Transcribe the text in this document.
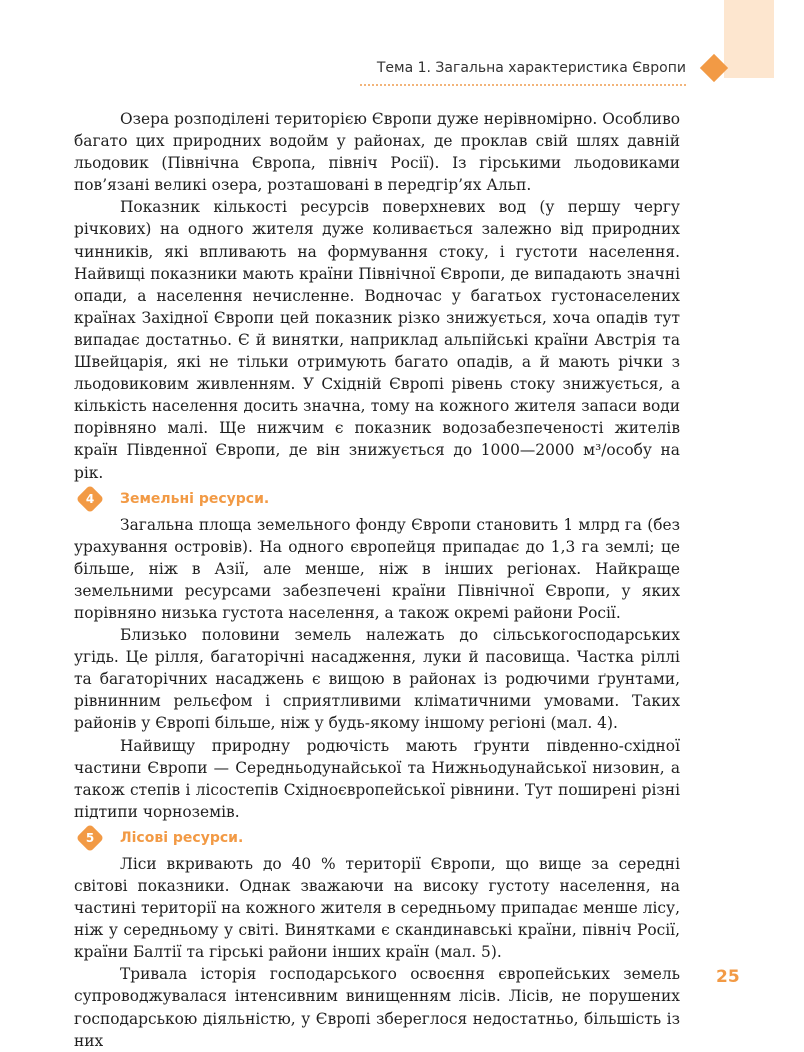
Тема 1. Загальна характеристика Європи

Озера розподілені територією Європи дуже нерівномірно. Особливо багато цих природних водойм у районах, де проклав свій шлях давній льодовик (Північна Європа, північ Росії). Із гірськими льодовиками пов’язані великі озера, розташовані в передгір’ях Альп.

Показник кількості ресурсів поверхневих вод (у першу чергу річкових) на одного жителя дуже коливається залежно від природних чинників, які впливають на формування стоку, і густоти населення. Найвищі показники мають країни Північної Європи, де випадають значні опади, а населення нечисленне. Водночас у багатьох густонаселених країнах Західної Європи цей показник різко знижується, хоча опадів тут випадає достатньо. Є й винятки, наприклад альпійські країни Австрія та Швейцарія, які не тільки отримують багато опадів, а й мають річки з льодовиковим живленням. У Східній Європі рівень стоку знижується, а кількість населення досить значна, тому на кожного жителя запаси води порівняно малі. Ще нижчим є показник водозабезпеченості жителів країн Південної Європи, де він знижується до 1000—2000 м³/особу на рік.

4 Земельні ресурси.

Загальна площа земельного фонду Європи становить 1 млрд га (без урахування островів). На одного європейця припадає до 1,3 га землі; це більше, ніж в Азії, але менше, ніж в інших регіонах. Найкраще земельними ресурсами забезпечені країни Північної Європи, у яких порівняно низька густота населення, а також окремі райони Росії.

Близько половини земель належать до сільськогосподарських угідь. Це рілля, багаторічні насадження, луки й пасовища. Частка ріллі та багаторічних насаджень є вищою в районах із родючими ґрунтами, рівнинним рельєфом і сприятливими кліматичними умовами. Таких районів у Європі більше, ніж у будь-якому іншому регіоні (мал. 4).

Найвищу природну родючість мають ґрунти південно-східної частини Європи — Середньодунайської та Нижньодунайської низовин, а також степів і лісостепів Східноєвропейської рівнини. Тут поширені різні підтипи чорноземів.

5 Лісові ресурси.

Ліси вкривають до 40 % території Європи, що вище за середні світові показники. Однак зважаючи на високу густоту населення, на частині території на кожного жителя в середньому припадає менше лісу, ніж у середньому у світі. Винятками є скандинавські країни, північ Росії, країни Балтії та гірські райони інших країн (мал. 5).

Тривала історія господарського освоєння європейських земель супроводжувалася інтенсивним винищенням лісів. Лісів, не порушених господарською діяльністю, у Європі збереглося недостатньо, більшість із них

25
